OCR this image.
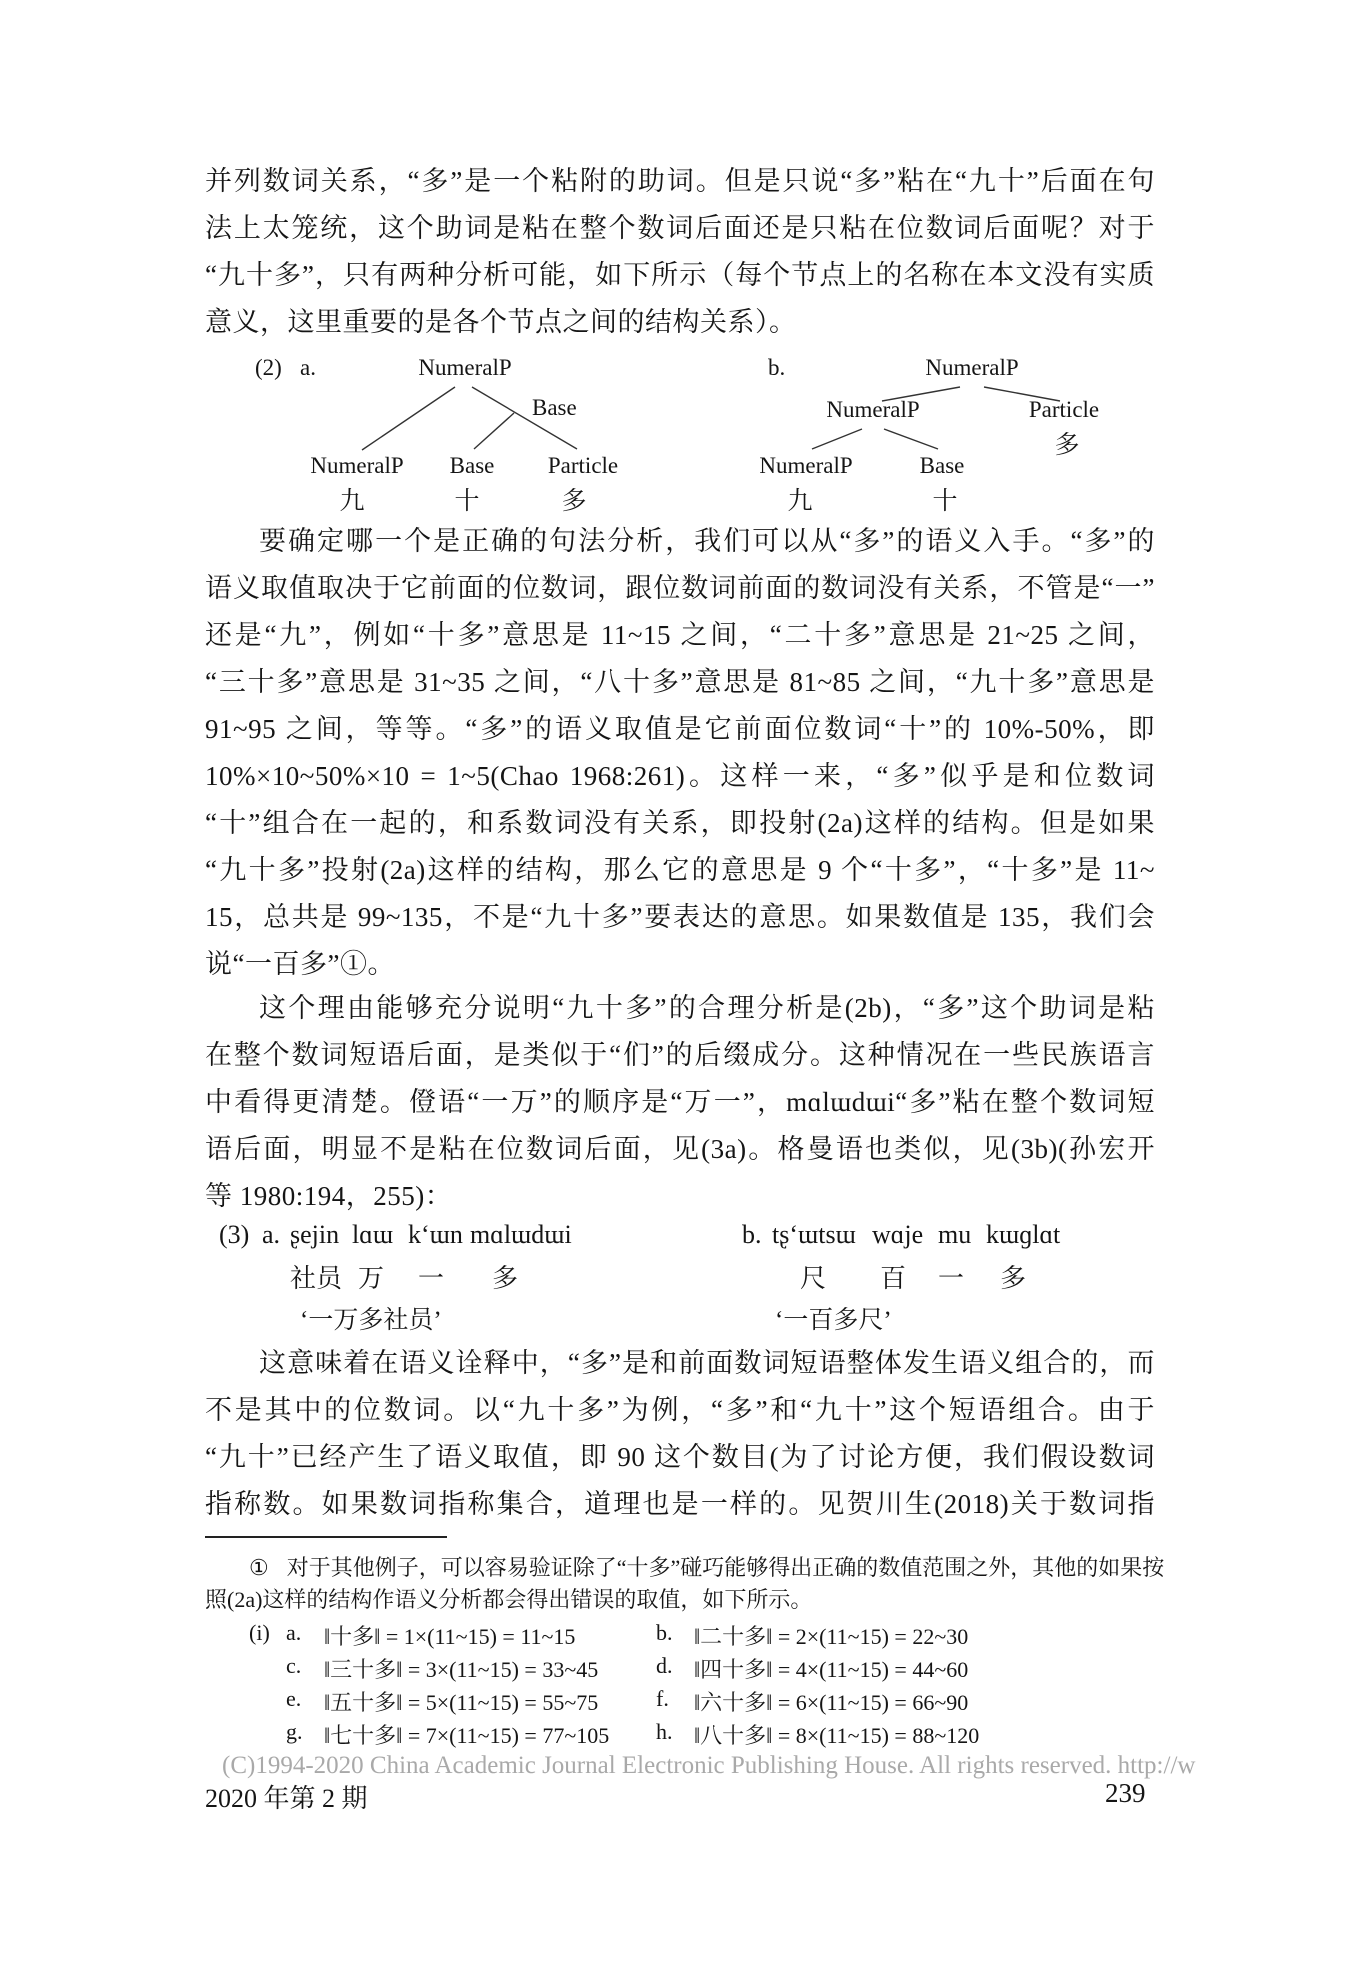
并列数词关系，“多”是一个粘附的助词。但是只说“多”粘在“九十”后面在句
法上太笼统，这个助词是粘在整个数词后面还是只粘在位数词后面呢？对于
“九十多”，只有两种分析可能，如下所示（每个节点上的名称在本文没有实质
意义，这里重要的是各个节点之间的结构关系）。
(2) a.	NumeralP
Base
NumeralP Base Particle
九	十	多
b.	NumeralP
NumeralP	Particle
多
NumeralP	Base
九	十
要确定哪一个是正确的句法分析，我们可以从“多”的语义入手。“多”的
语义取值取决于它前面的位数词，跟位数词前面的数词没有关系，不管是“一”
还是“九”，例如“十多”意思是 11~15 之间，“二十多”意思是 21~25 之间，
“三十多”意思是 31~35 之间，“八十多”意思是 81~85 之间，“九十多”意思是
91~95 之间，等等。“多”的语义取值是它前面位数词“十”的 10%-50%，即
10%×10~50%×10 = 1~5(Chao 1968:261)。这样一来，“多”似乎是和位数词
“十”组合在一起的，和系数词没有关系，即投射(2a)这样的结构。但是如果
“九十多”投射(2a)这样的结构，那么它的意思是 9 个“十多”，“十多”是 11~
15，总共是 99~135，不是“九十多”要表达的意思。如果数值是 135，我们会
说“一百多”①。
这个理由能够充分说明“九十多”的合理分析是(2b)，“多”这个助词是粘
在整个数词短语后面，是类似于“们”的后缀成分。这种情况在一些民族语言
中看得更清楚。僜语“一万”的顺序是“万一”，mɑlɯdɯi“多”粘在整个数词短
语后面，明显不是粘在位数词后面，见(3a)。格曼语也类似，见(3b)(孙宏开
等 1980:194，255)：
(3) a. ʂejin lɑɯ kʻɯn mɑlɯdɯi
社员 万 一 多
‘一万多社员’
b. tʂʻɯtsɯ wɑje mu kɯɡlɑt
尺 百 一 多
‘一百多尺’
这意味着在语义诠释中，“多”是和前面数词短语整体发生语义组合的，而
不是其中的位数词。以“九十多”为例，“多”和“九十”这个短语组合。由于
“九十”已经产生了语义取值，即 90 这个数目(为了讨论方便，我们假设数词
指称数。如果数词指称集合，道理也是一样的。见贺川生(2018)关于数词指
① 对于其他例子，可以容易验证除了“十多”碰巧能够得出正确的数值范围之外，其他的如果按
照(2a)这样的结构作语义分析都会得出错误的取值，如下所示。
(i) a. ‖十多‖ = 1×(11~15) = 11~15	b. ‖二十多‖ = 2×(11~15) = 22~30
c. ‖三十多‖ = 3×(11~15) = 33~45	d. ‖四十多‖ = 4×(11~15) = 44~60
e. ‖五十多‖ = 5×(11~15) = 55~75	f. ‖六十多‖ = 6×(11~15) = 66~90
g. ‖七十多‖ = 7×(11~15) = 77~105 h. ‖八十多‖ = 8×(11~15) = 88~120
(C)1994-2020 China Academic Journal Electronic Publishing House. All rights reserved. http://w
2020 年第 2 期	239
